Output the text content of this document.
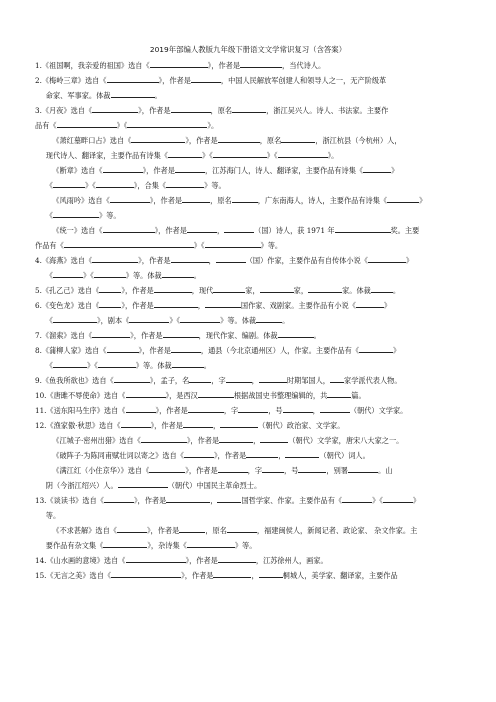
2019年部编人教版九年级下册语文文学常识复习（含答案）

1.《祖国啊，我亲爱的祖国》选自《	》，作者是	，当代诗人。

2.《梅岭三章》选自《	》，作者是	，中国人民解放军创建人和领导人之一，无产阶级革

命家、军事家。体裁	。

3.《月夜》选自《	》，作者是	，原名	，浙江吴兴人。诗人、书法家。主要作

品有《	》《	》。

《萧红墓畔口占》选自《	》，作者是	，原名	，浙江杭县（今杭州）人，

现代诗人、翻译家，主要作品有诗集《	》《	》《	》。

《断章》选自《	》，作者是	，江苏海门人，诗人、翻译家，主要作品有诗集《	》

《	》《	》，合集《	》等。

《风雨吟》选自《	》，作者是	，原名	，广东南海人，诗人，主要作品有诗集《	》

《	》等。

《统一》选自《	》，作者是	，	（国）诗人，获 1971 年	奖。主要

作品有《	》《	》等。

4.《海燕》选自《	》，作者是	，	（国）作家，主要作品有自传体小说《	》

《	》《	》等。体裁	。

5.《孔乙己》选自《	》，作者是	，现代	家，	家，	家。体裁	。

6.《变色龙》选自《	》，作者是	，	国作家、戏剧家。主要作品有小说《	》

《	》，剧本《	》《	》等。体裁	。

7.《溜索》选自《	》，作者是	，现代作家、编剧。体裁	。

8.《蒲柳人家》选自《	》，作者是	，通县（今北京通州区）人，作家。主要作品有《	》

《	》《	》等。体裁	。

9.《鱼我所欲也》选自《	》，孟子，名	，字	，	时期邹国人， 家学派代表人物。

10.《唐雎不辱使命》选自《	》，是西汉	根据战国史书整理编辑的，共	篇。

11.《送东阳马生序》选自《	》，作者是	，字	，号	，	（朝代）文学家。

12.《渔家傲·秋思》选自《	》，作者是	，	（朝代）政治家、文学家。

《江城子·密州出猎》选自《	》，作者是	，	（朝代）文学家，唐宋八大家之一。

《破阵子·为陈同甫赋壮词以寄之》选自《	》，作者是	，	（朝代）词人。

《满江红（小住京华）》选自《	》，作者是	，字	，号	，别署	。山

阴（今浙江绍兴）人。	（朝代）中国民主革命烈士。

13.《谈读书》选自《	》，作者是	，	国哲学家、作家。主要作品有《	》《	》

等。

《不求甚解》选自《	》，作者是	，原名	，福建闽侯人，新闻记者、政论家、 杂文作家。主

要作品有杂文集《	》，杂诗集《	》等。

14.《山水画的意境》选自《	》，作者是	，江苏徐州人，画家。

15.《无言之美》选自《	》，作者是	，	桐城人，美学家、翻译家，主要作品
